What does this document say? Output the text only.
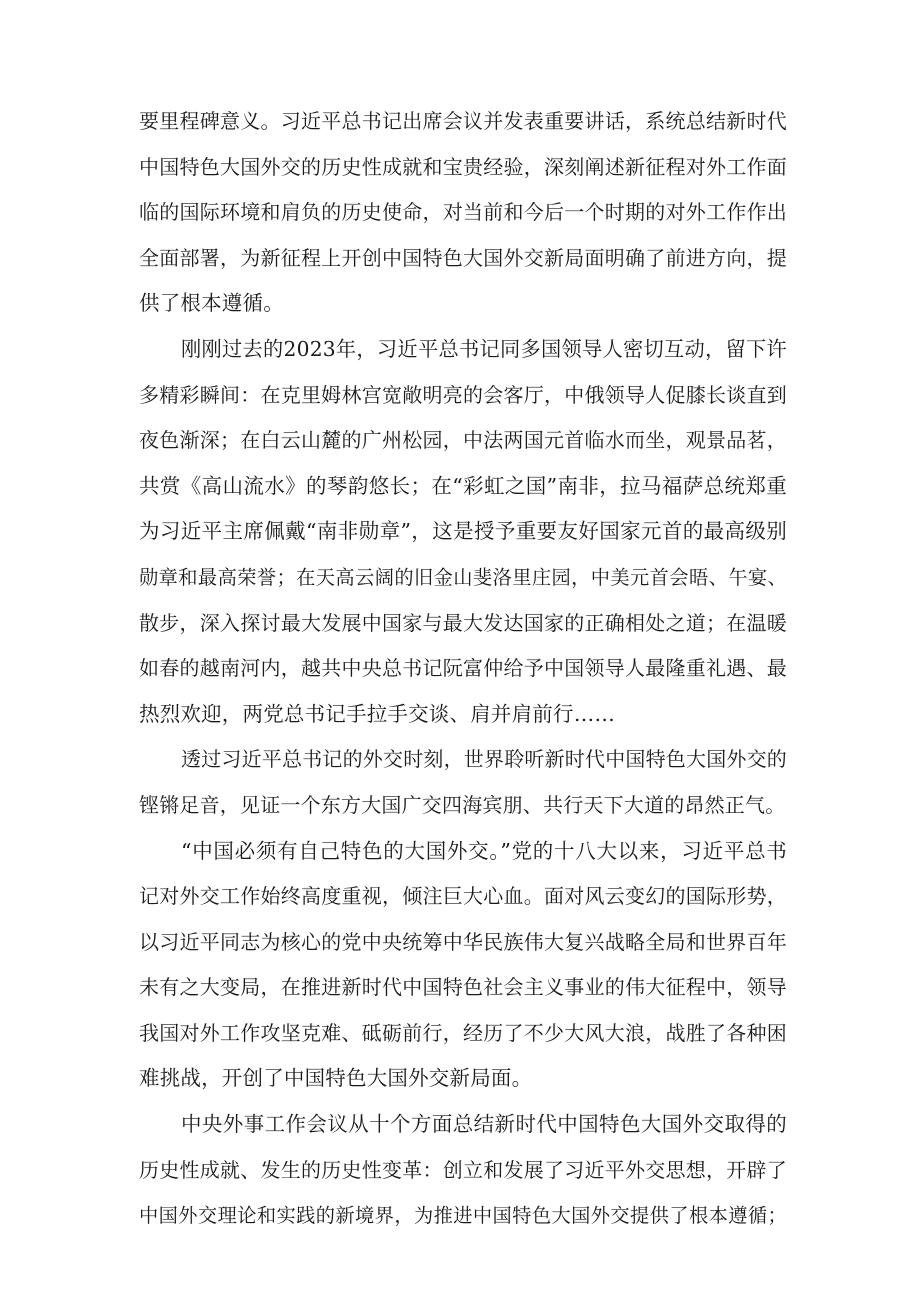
要里程碑意义。习近平总书记出席会议并发表重要讲话，系统总结新时代
中国特色大国外交的历史性成就和宝贵经验，深刻阐述新征程对外工作面
临的国际环境和肩负的历史使命，对当前和今后一个时期的对外工作作出
全面部署，为新征程上开创中国特色大国外交新局面明确了前进方向，提
供了根本遵循。
刚刚过去的2023年，习近平总书记同多国领导人密切互动，留下许
多精彩瞬间：在克里姆林宫宽敞明亮的会客厅，中俄领导人促膝长谈直到
夜色渐深；在白云山麓的广州松园，中法两国元首临水而坐，观景品茗，
共赏《高山流水》的琴韵悠长；在“彩虹之国”南非，拉马福萨总统郑重
为习近平主席佩戴“南非勋章”，这是授予重要友好国家元首的最高级别
勋章和最高荣誉；在天高云阔的旧金山斐洛里庄园，中美元首会晤、午宴、
散步，深入探讨最大发展中国家与最大发达国家的正确相处之道；在温暖
如春的越南河内，越共中央总书记阮富仲给予中国领导人最隆重礼遇、最
热烈欢迎，两党总书记手拉手交谈、肩并肩前行……
透过习近平总书记的外交时刻，世界聆听新时代中国特色大国外交的
铿锵足音，见证一个东方大国广交四海宾朋、共行天下大道的昂然正气。
“中国必须有自己特色的大国外交。”党的十八大以来，习近平总书
记对外交工作始终高度重视，倾注巨大心血。面对风云变幻的国际形势，
以习近平同志为核心的党中央统筹中华民族伟大复兴战略全局和世界百年
未有之大变局，在推进新时代中国特色社会主义事业的伟大征程中，领导
我国对外工作攻坚克难、砥砺前行，经历了不少大风大浪，战胜了各种困
难挑战，开创了中国特色大国外交新局面。
中央外事工作会议从十个方面总结新时代中国特色大国外交取得的
历史性成就、发生的历史性变革：创立和发展了习近平外交思想，开辟了
中国外交理论和实践的新境界，为推进中国特色大国外交提供了根本遵循；
